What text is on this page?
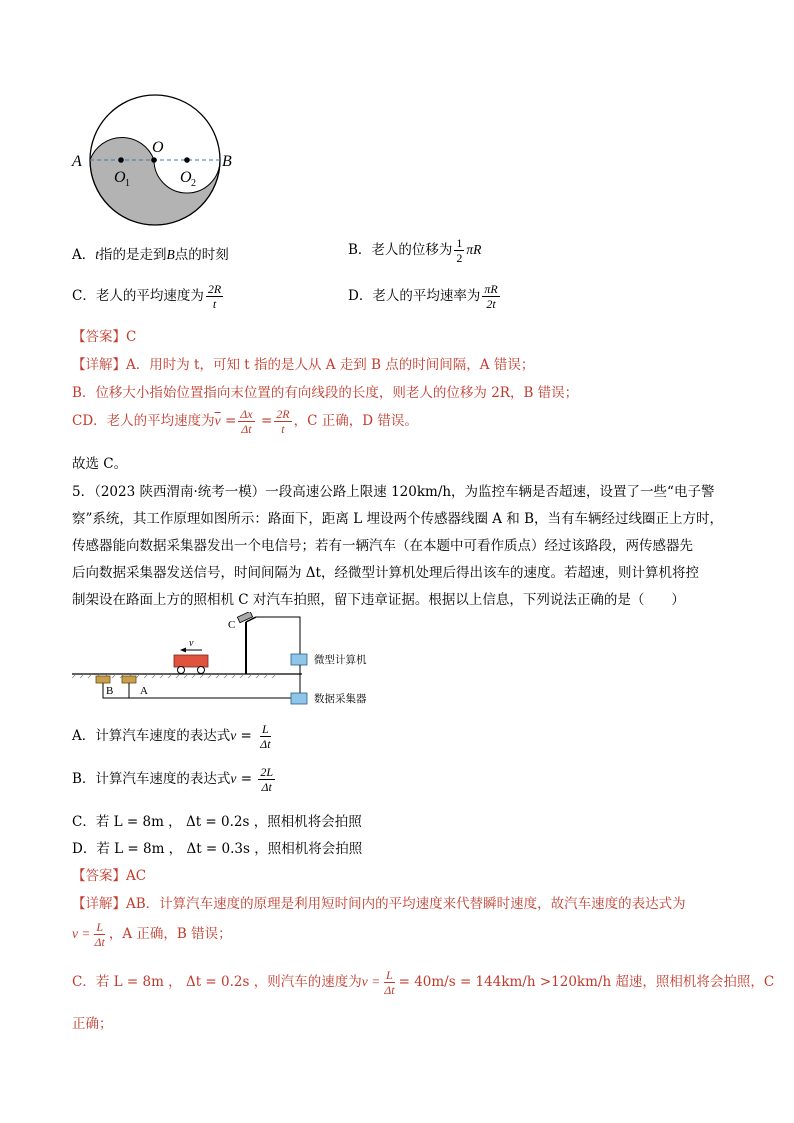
A	B
O
O 1	O 2
A．t指的是走到B点的时刻	B．老人的位移为 $\frac{1}{2}$ πR
C．老人的平均速度为 $\frac{2R}{t}$	D．老人的平均速率为 $\frac{\pi R}{2t}$
【答案】C
【详解】A．用时为 t，可知 t 指的是人从 A 走到 B 点的时间间隔，A 错误；
B．位移大小指始位置指向末位置的有向线段的长度，则老人的位移为 2R，B 错误；
CD．老人的平均速度为$\overline{v} = \frac{\Delta x}{\Delta t} = \frac{2R}{t}$ ，C 正确，D 错误。
故选 C。
5．（2023 陕西渭南·统考一模）一段高速公路上限速 120km/h，为监控车辆是否超速，设置了一些“电子警
察”系统，其工作原理如图所示：路面下，距离 L 埋设两个传感器线圈 A 和 B，当有车辆经过线圈正上方时，
传感器能向数据采集器发出一个电信号；若有一辆汽车（在本题中可看作质点）经过该路段，两传感器先
后向数据采集器发送信号，时间间隔为 Δt，经微型计算机处理后得出该车的速度。若超速，则计算机将控
制架设在路面上方的照相机 C 对汽车拍照，留下违章证据。根据以上信息，下列说法正确的是（　　）
B A
v
C
微型计算机
数据采集器
A．计算汽车速度的表达式$v = \frac{L}{\Delta t}$
B．计算汽车速度的表达式$v = \frac{2L}{\Delta t}$
C．若 L = 8m ， Δt = 0.2s ，照相机将会拍照
D．若 L = 8m ， Δt = 0.3s ，照相机将会拍照
【答案】AC
【详解】AB．计算汽车速度的原理是利用短时间内的平均速度来代替瞬时速度，故汽车速度的表达式为
$v = \frac{L}{\Delta t}$ ，A 正确，B 错误；
C．若 L = 8m ， Δt = 0.2s ，则汽车的速度为$v = \frac{L}{\Delta t} = 40m/s = 144km/h >120km/h$ 超速，照相机将会拍照，C
正确；
